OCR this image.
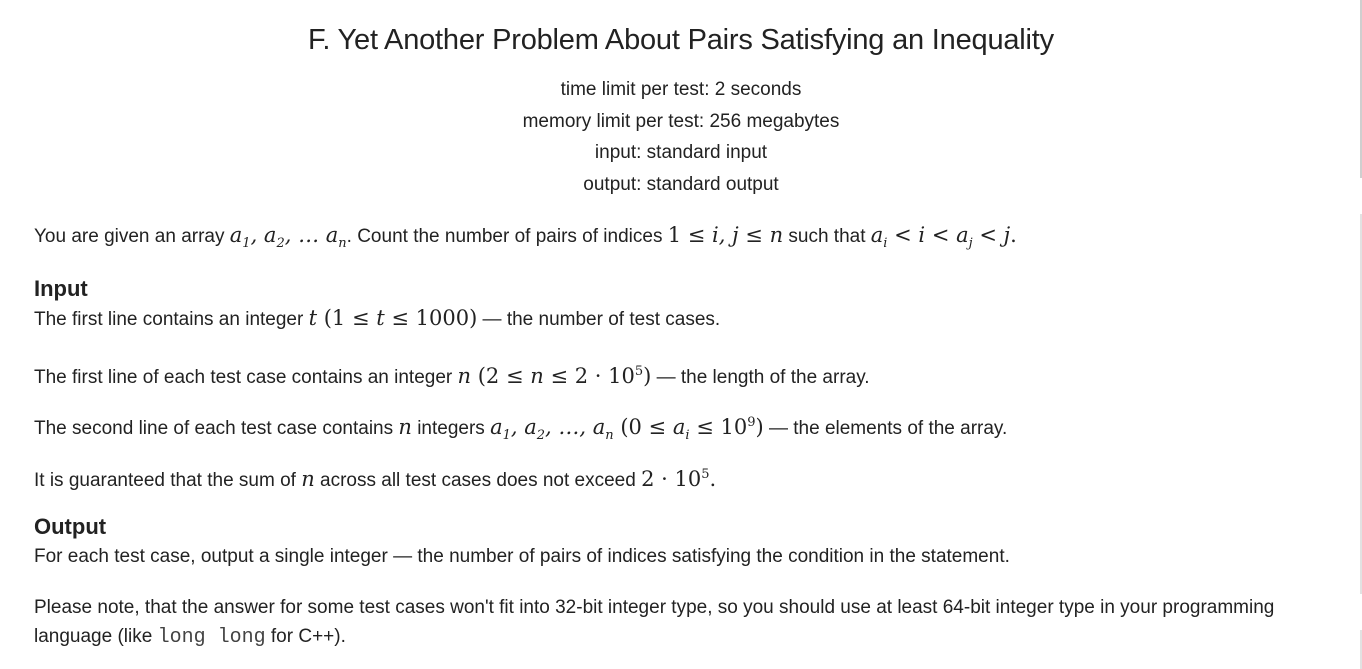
F. Yet Another Problem About Pairs Satisfying an Inequality
time limit per test: 2 seconds
memory limit per test: 256 megabytes
input: standard input
output: standard output
You are given an array $a_1$, $a_2$, … $a_n$. Count the number of pairs of indices 1 ≤ i, j ≤ n such that $a_i < i < a_j < j$.
Input
The first line contains an integer t (1 ≤ t ≤ 1000) — the number of test cases.
The first line of each test case contains an integer n $(2 \le n \le 2 \cdot 10^5)$ — the length of the array.
The second line of each test case contains n integers $a_1$, $a_2$, …, $a_n$ $(0 \le a_i \le 10^9)$ — the elements of the array.
It is guaranteed that the sum of n across all test cases does not exceed $2 \cdot 10^5$.
Output
For each test case, output a single integer — the number of pairs of indices satisfying the condition in the statement.
Please note, that the answer for some test cases won't fit into 32-bit integer type, so you should use at least 64-bit integer type in your programming language (like long long for C++).
